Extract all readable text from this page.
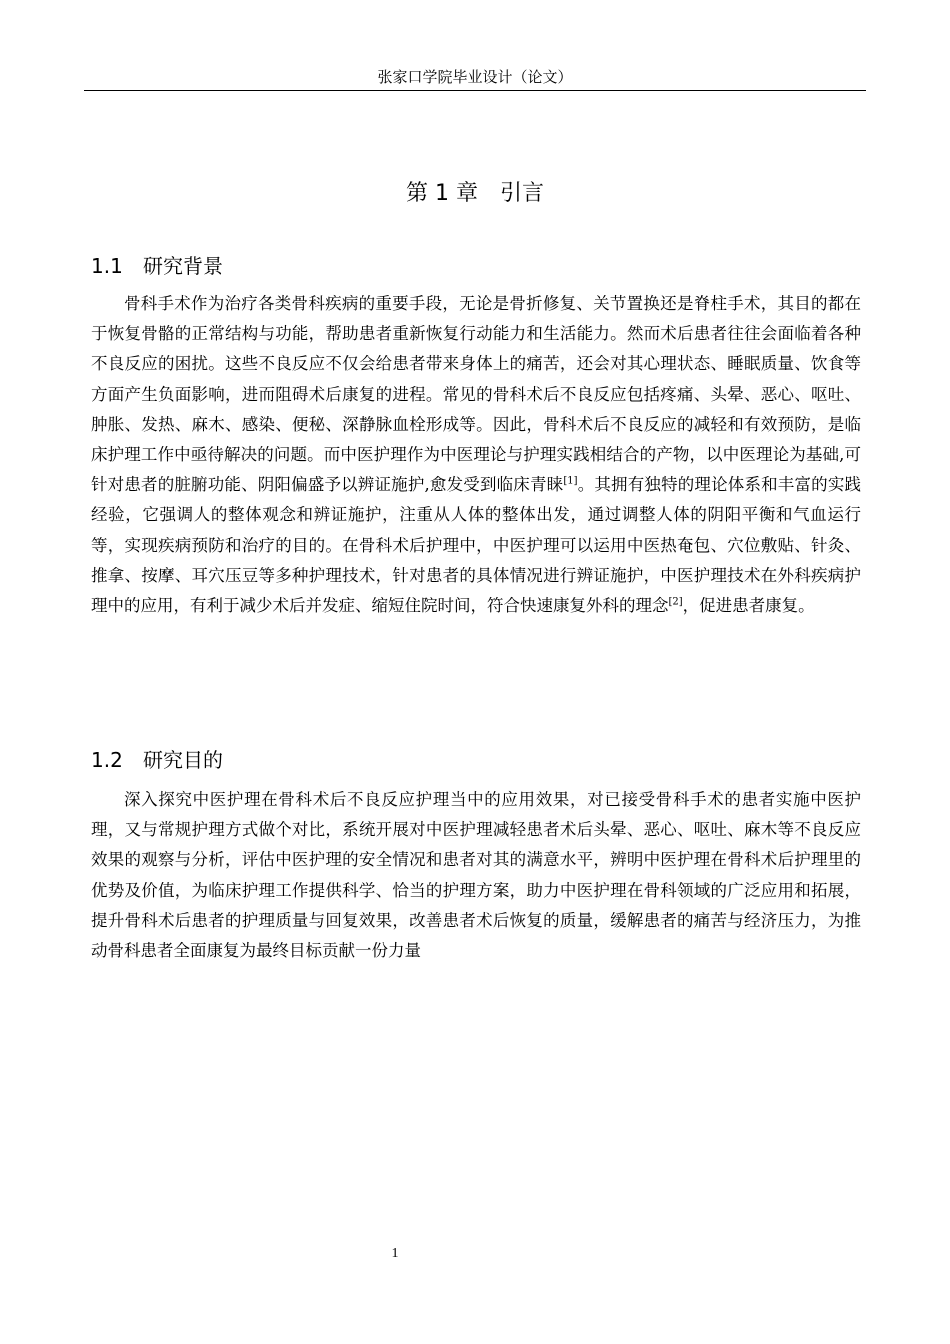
张家口学院毕业设计（论文）
第 1 章　引言
1.1 研究背景

骨科手术作为治疗各类骨科疾病的重要手段，无论是骨折修复、关节置换还是脊柱手术，其目的都在于恢复骨骼的正常结构与功能，帮助患者重新恢复行动能力和生活能力。然而术后患者往往会面临着各种不良反应的困扰。这些不良反应不仅会给患者带来身体上的痛苦，还会对其心理状态、睡眠质量、饮食等方面产生负面影响，进而阻碍术后康复的进程。常见的骨科术后不良反应包括疼痛、头晕、恶心、呕吐、肿胀、发热、麻木、感染、便秘、深静脉血栓形成等。因此，骨科术后不良反应的减轻和有效预防，是临床护理工作中亟待解决的问题。而中医护理作为中医理论与护理实践相结合的产物，以中医理论为基础,可针对患者的脏腑功能、阴阳偏盛予以辨证施护,愈发受到临床青睐[1]。其拥有独特的理论体系和丰富的实践经验，它强调人的整体观念和辨证施护，注重从人体的整体出发，通过调整人体的阴阳平衡和气血运行等，实现疾病预防和治疗的目的。在骨科术后护理中，中医护理可以运用中医热奄包、穴位敷贴、针灸、推拿、按摩、耳穴压豆等多种护理技术，针对患者的具体情况进行辨证施护，中医护理技术在外科疾病护理中的应用，有利于减少术后并发症、缩短住院时间，符合快速康复外科的理念[2]，促进患者康复。

1.2 研究目的

深入探究中医护理在骨科术后不良反应护理当中的应用效果，对已接受骨科手术的患者实施中医护理，又与常规护理方式做个对比，系统开展对中医护理减轻患者术后头晕、恶心、呕吐、麻木等不良反应效果的观察与分析，评估中医护理的安全情况和患者对其的满意水平，辨明中医护理在骨科术后护理里的优势及价值，为临床护理工作提供科学、恰当的护理方案，助力中医护理在骨科领域的广泛应用和拓展，提升骨科术后患者的护理质量与回复效果，改善患者术后恢复的质量，缓解患者的痛苦与经济压力，为推动骨科患者全面康复为最终目标贡献一份力量

1
